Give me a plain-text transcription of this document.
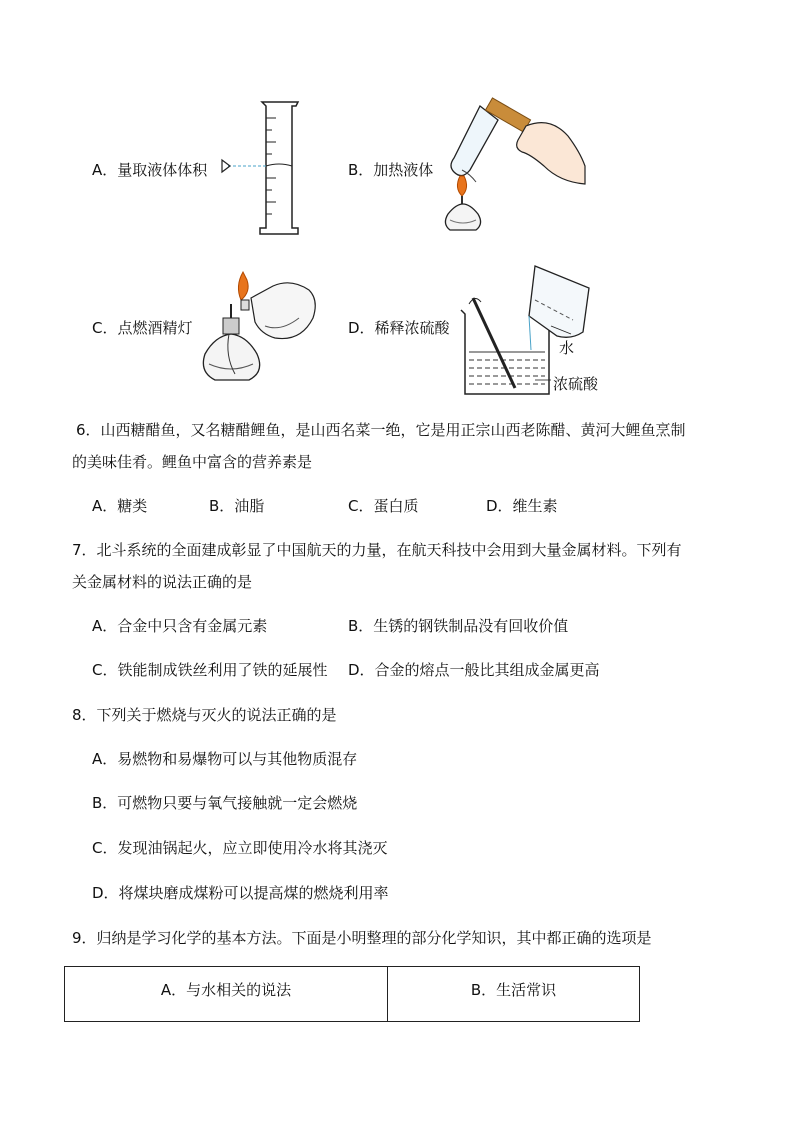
A．量取液体体积	B．加热液体
C．点燃酒精灯	D．稀释浓硫酸
水
浓硫酸
6．山西糖醋鱼，又名糖醋鲤鱼，是山西名菜一绝，它是用正宗山西老陈醋、黄河大鲤鱼烹制
的美味佳肴。鲤鱼中富含的营养素是
A．糖类	B．油脂	C．蛋白质	D．维生素
7．北斗系统的全面建成彰显了中国航天的力量，在航天科技中会用到大量金属材料。下列有
关金属材料的说法正确的是
A．合金中只含有金属元素	B．生锈的钢铁制品没有回收价值
C．铁能制成铁丝利用了铁的延展性 D．合金的熔点一般比其组成金属更高
8．下列关于燃烧与灭火的说法正确的是
A．易燃物和易爆物可以与其他物质混存
B．可燃物只要与氧气接触就一定会燃烧
C．发现油锅起火，应立即使用冷水将其浇灭
D．将煤块磨成煤粉可以提高煤的燃烧利用率
9．归纳是学习化学的基本方法。下面是小明整理的部分化学知识，其中都正确的选项是
A．与水相关的说法	B．生活常识
